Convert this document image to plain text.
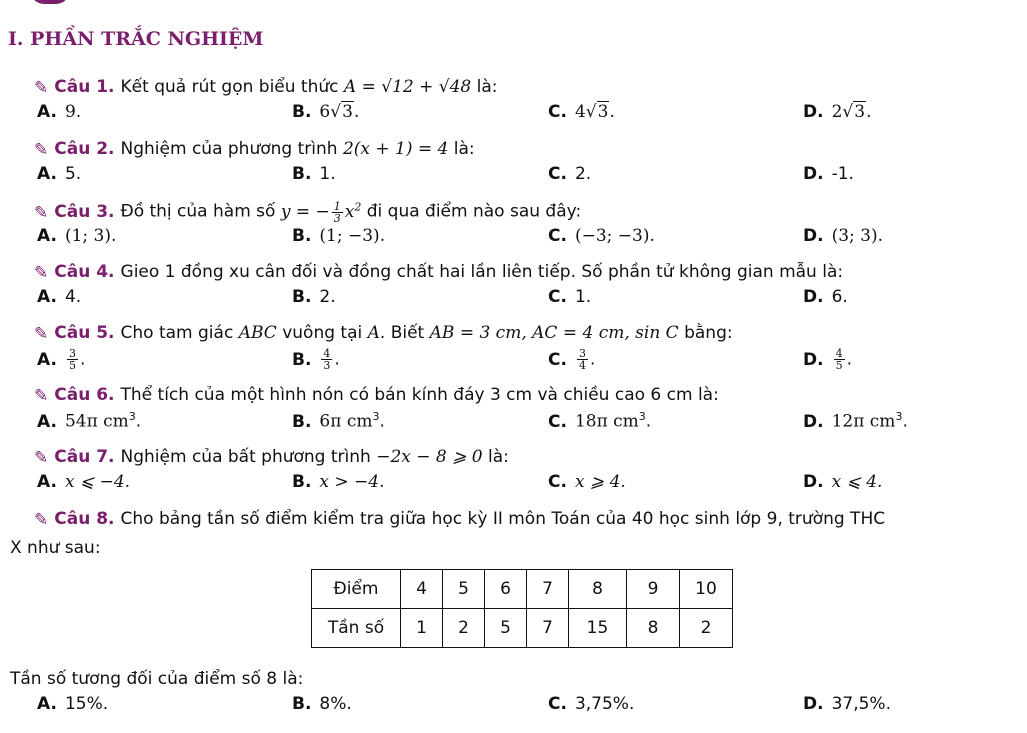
I. PHẦN TRẮC NGHIỆM
✎ Câu 1. Kết quả rút gọn biểu thức A = √12 + √48 là:
A. 9.	B. 6√3.	C. 4√3.	D. 2√3.
✎ Câu 2. Nghiệm của phương trình 2(x + 1) = 4 là:
A. 5.	B. 1.	C. 2.	D. -1.
✎ Câu 3. Đồ thị của hàm số y = − $\frac{1}{3} x^2$ đi qua điểm nào sau đây:
A. (1; 3).	B. (1; −3).	C. (−3; −3).	D. (3; 3).
✎ Câu 4. Gieo 1 đồng xu cân đối và đồng chất hai lần liên tiếp. Số phần tử không gian mẫu là:
A. 4.	B. 2.	C. 1.	D. 6.
✎ Câu 5. Cho tam giác ABC vuông tại A. Biết AB = 3 cm, AC = 4 cm, sin C bằng:
A. $\frac{3}{5}$ .	B. $\frac{4}{3}$ .	C. $\frac{3}{4}$ .	D. $\frac{4}{5}$ .
✎ Câu 6. Thể tích của một hình nón có bán kính đáy 3 cm và chiều cao 6 cm là:
A. 54π $cm^3$.	B. 6π $cm^3$.	C. 18π $cm^3$.	D. 12π $cm^3$.
✎ Câu 7. Nghiệm của bất phương trình −2x − 8 ⩾ 0 là:
A. x ⩽ −4.	B. x > −4.	C. x ⩾ 4.	D. x ⩽ 4.
✎ Câu 8. Cho bảng tần số điểm kiểm tra giữa học kỳ II môn Toán của 40 học sinh lớp 9, trường THC
X như sau:
Điểm	4	5	6	7	8	9	10
Tần số	1	2	5	7	15	8	2
Tần số tương đối của điểm số 8 là:
A. 15%.	B. 8%.	C. 3,75%.	D. 37,5%.
